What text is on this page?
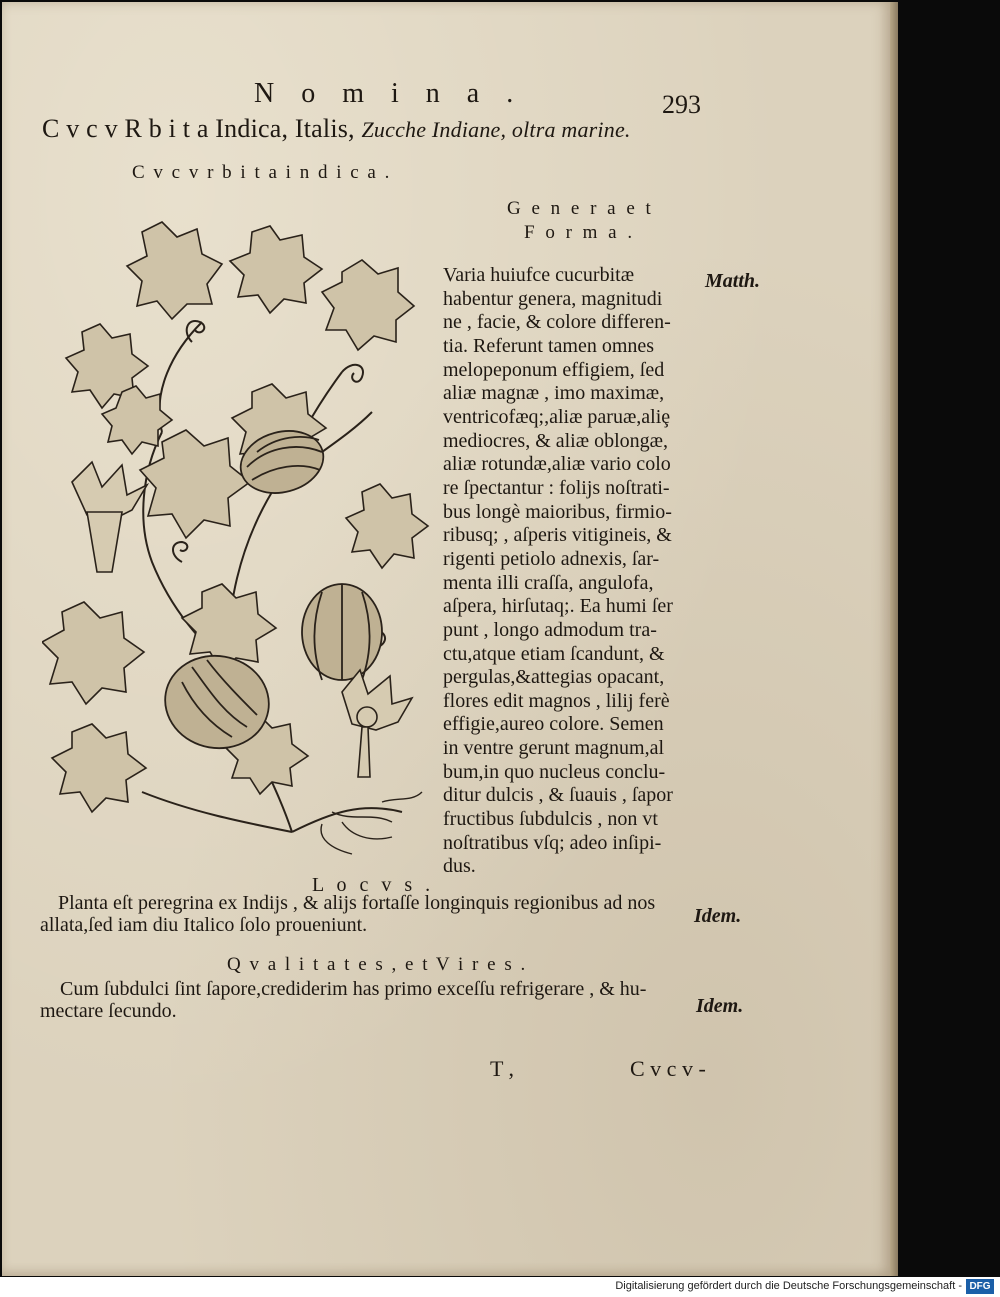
N o m i n a .	293
C v c v R b i t a Indica, Italis, Zucche Indiane, oltra marine.
C v c v r b i t a i n d i c a .
G e n e r a e t
F o r m a .
Matth.
Varia huiufce cucurbitæ
habentur genera, magnitudi
ne , facie, & colore differen-
tia. Referunt tamen omnes
melopeponum effigiem, ſed
aliæ magnæ , imo maximæ,
ventricofæq;,aliæ paruæ,aliȩ
mediocres, & aliæ oblongæ,
aliæ rotundæ,aliæ vario colo
re ſpectantur : folijs noſtrati-
bus longè maioribus, firmio-
ribusq; , aſperis vitigineis, &
rigenti petiolo adnexis, ſar-
menta illi craſſa, angulofa,
aſpera, hirſutaq;. Ea humi ſer
punt , longo admodum tra-
ctu,atque etiam ſcandunt, &
pergulas,&attegias opacant,
flores edit magnos , lilij ferè
effigie,aureo colore. Semen
in ventre gerunt magnum,al
bum,in quo nucleus conclu-
ditur dulcis , & ſuauis , ſapor
fructibus ſubdulcis , non vt
noſtratibus vſq; adeo inſipi-
dus.
L o c v s .
Planta eſt peregrina ex Indijs , & alijs fortaſſe longinquis regionibus ad nos
allata,ſed iam diu Italico ſolo proueniunt.	Idem.
Q v a l i t a t e s , e t V i r e s .
Cum ſubdulci ſint ſapore,crediderim has primo exceſſu refrigerare , & hu-
mectare ſecundo.	Idem.
T ,	C v c v -
Digitalisierung gefördert durch die Deutsche Forschungsgemeinschaft - DFG
